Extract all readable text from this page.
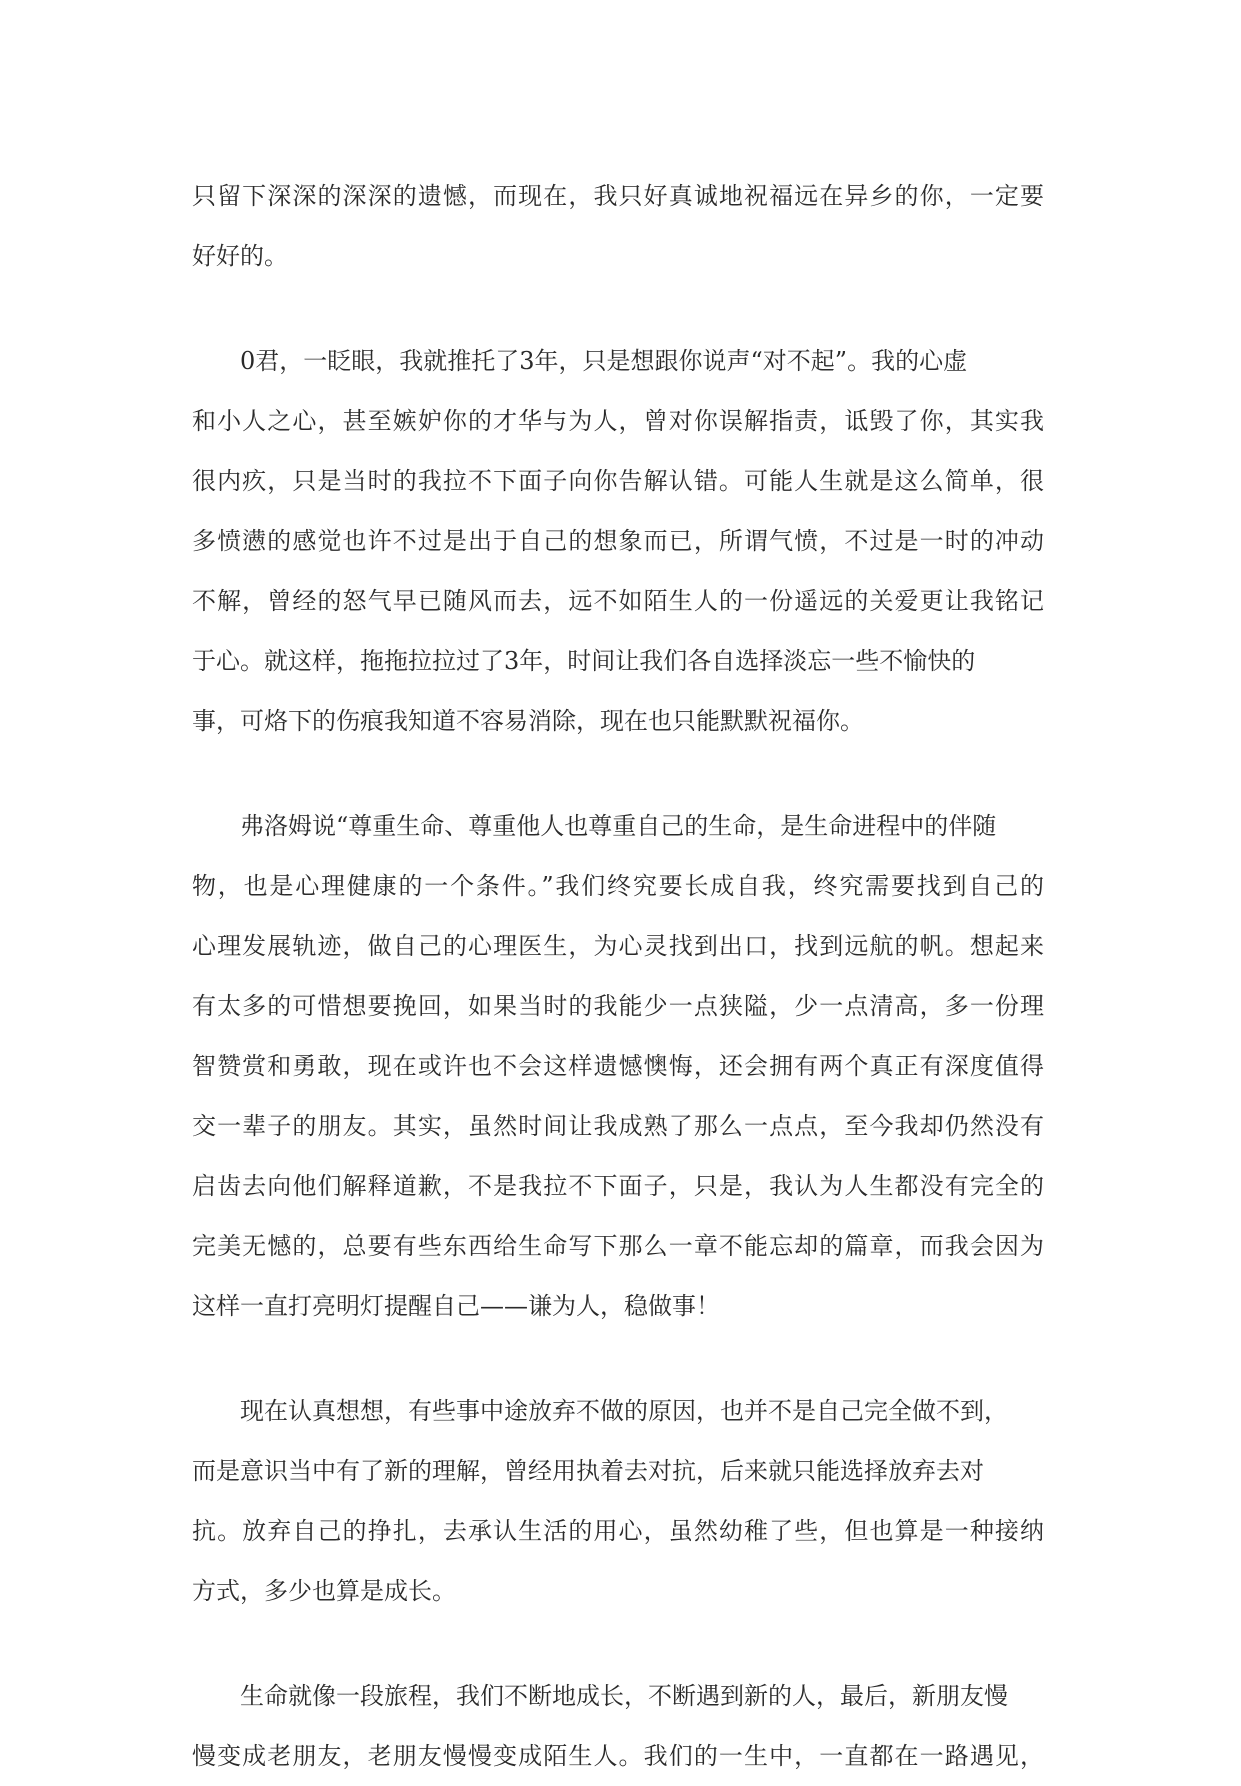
只留下深深的深深的遗憾，而现在，我只好真诚地祝福远在异乡的你，一定要
好好的。
0君，一眨眼，我就推托了3年，只是想跟你说声“对不起”。我的心虚
和小人之心，甚至嫉妒你的才华与为人，曾对你误解指责，诋毁了你，其实我
很内疚，只是当时的我拉不下面子向你告解认错。可能人生就是这么简单，很
多愤懑的感觉也许不过是出于自己的想象而已，所谓气愤，不过是一时的冲动
不解，曾经的怒气早已随风而去，远不如陌生人的一份遥远的关爱更让我铭记
于心。就这样，拖拖拉拉过了3年，时间让我们各自选择淡忘一些不愉快的
事，可烙下的伤痕我知道不容易消除，现在也只能默默祝福你。
弗洛姆说“尊重生命、尊重他人也尊重自己的生命，是生命进程中的伴随
物，也是心理健康的一个条件。”我们终究要长成自我，终究需要找到自己的
心理发展轨迹，做自己的心理医生，为心灵找到出口，找到远航的帆。想起来
有太多的可惜想要挽回，如果当时的我能少一点狭隘，少一点清高，多一份理
智赞赏和勇敢，现在或许也不会这样遗憾懊悔，还会拥有两个真正有深度值得
交一辈子的朋友。其实，虽然时间让我成熟了那么一点点，至今我却仍然没有
启齿去向他们解释道歉，不是我拉不下面子，只是，我认为人生都没有完全的
完美无憾的，总要有些东西给生命写下那么一章不能忘却的篇章，而我会因为
这样一直打亮明灯提醒自己——谦为人，稳做事！
现在认真想想，有些事中途放弃不做的原因，也并不是自己完全做不到，
而是意识当中有了新的理解，曾经用执着去对抗，后来就只能选择放弃去对
抗。放弃自己的挣扎，去承认生活的用心，虽然幼稚了些，但也算是一种接纳
方式，多少也算是成长。
生命就像一段旅程，我们不断地成长，不断遇到新的人，最后，新朋友慢
慢变成老朋友，老朋友慢慢变成陌生人。我们的一生中，一直都在一路遇见，
